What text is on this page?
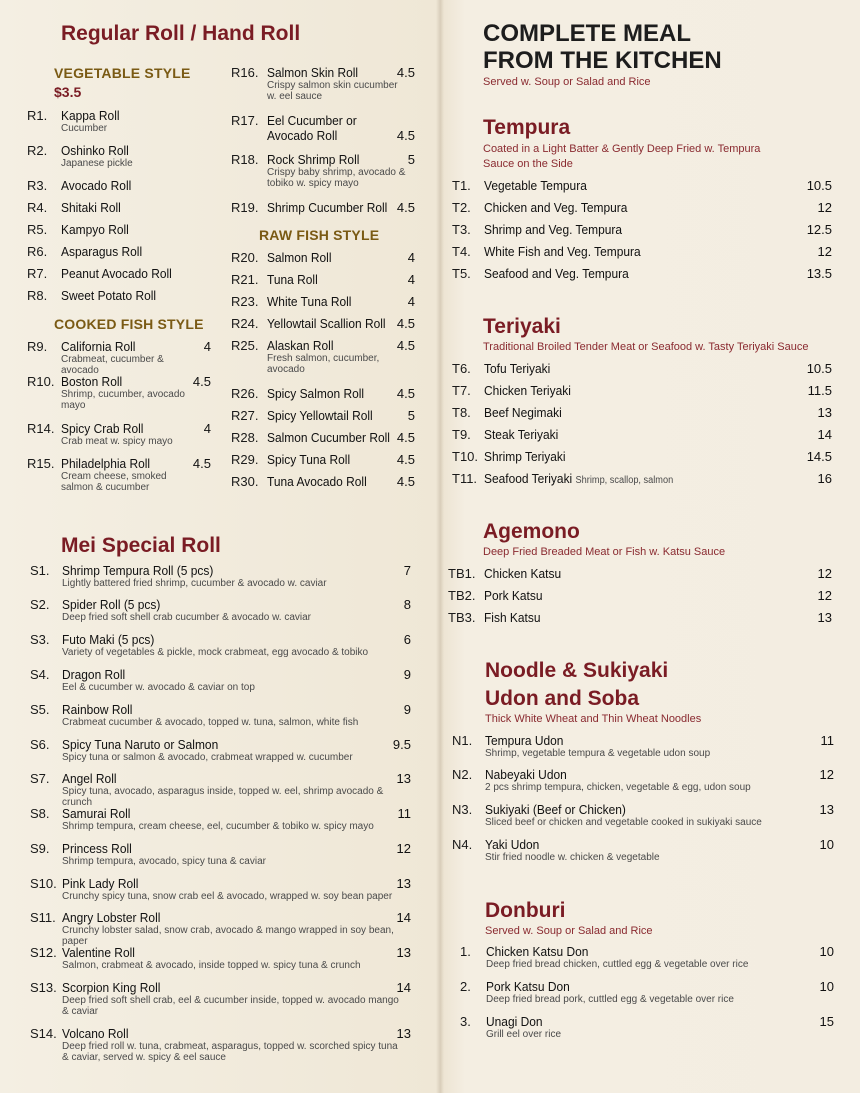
Regular Roll / Hand Roll
VEGETABLE STYLE
$3.5
COOKED FISH STYLE
RAW FISH STYLE
Mei Special Roll
COMPLETE MEAL
FROM THE KITCHEN
Served w. Soup or Salad and Rice
Tempura
Coated in a Light Batter & Gently Deep Fried w. Tempura
Sauce on the Side
Teriyaki
Traditional Broiled Tender Meat or Seafood w. Tasty Teriyaki Sauce
Agemono
Deep Fried Breaded Meat or Fish w. Katsu Sauce
Noodle & Sukiyaki
Udon and Soba
Thick White Wheat and Thin Wheat Noodles
Donburi
Served w. Soup or Salad and Rice
R1.	Kappa Roll
Cucumber
R2.	Oshinko Roll
Japanese pickle
R3.	Avocado Roll
R4.	Shitaki Roll
R5.	Kampyo Roll
R6.	Asparagus Roll
R7.	Peanut Avocado Roll
R8.	Sweet Potato Roll
R9.	California Roll	4
Crabmeat, cucumber & avocado
R10. Boston Roll	4.5
Shrimp, cucumber, avocado mayo
R14. Spicy Crab Roll	4
Crab meat w. spicy mayo
R15. Philadelphia Roll	4.5
Cream cheese, smoked salmon & cucumber
R16. Salmon Skin Roll	4.5
Crispy salmon skin cucumber w. eel sauce
R17. Eel Cucumber or
Avocado Roll	4.5
R18. Rock Shrimp Roll	5
Crispy baby shrimp, avocado & tobiko w. spicy mayo
R19. Shrimp Cucumber Roll 4.5
R20. Salmon Roll	4
R21. Tuna Roll	4
R23. White Tuna Roll	4
R24. Yellowtail Scallion Roll 4.5
R25. Alaskan Roll	4.5
Fresh salmon, cucumber, avocado
R26. Spicy Salmon Roll	4.5
R27. Spicy Yellowtail Roll	5
R28. Salmon Cucumber Roll 4.5
R29. Spicy Tuna Roll	4.5
R30. Tuna Avocado Roll	4.5
S1. Shrimp Tempura Roll (5 pcs)	7
Lightly battered fried shrimp, cucumber & avocado w. caviar
S2. Spider Roll (5 pcs)	8
Deep fried soft shell crab cucumber & avocado w. caviar
S3. Futo Maki (5 pcs)	6
Variety of vegetables & pickle, mock crabmeat, egg avocado & tobiko
S4. Dragon Roll	9
Eel & cucumber w. avocado & caviar on top
S5. Rainbow Roll	9
Crabmeat cucumber & avocado, topped w. tuna, salmon, white fish
S6. Spicy Tuna Naruto or Salmon	9.5
Spicy tuna or salmon & avocado, crabmeat wrapped w. cucumber
S7. Angel Roll	13
Spicy tuna, avocado, asparagus inside, topped w. eel, shrimp avocado & crunch
S8. Samurai Roll	11
Shrimp tempura, cream cheese, eel, cucumber & tobiko w. spicy mayo
S9. Princess Roll	12
Shrimp tempura, avocado, spicy tuna & caviar
S10. Pink Lady Roll	13
Crunchy spicy tuna, snow crab eel & avocado, wrapped w. soy bean paper
S11. Angry Lobster Roll	14
Crunchy lobster salad, snow crab, avocado & mango wrapped in soy bean, paper
S12. Valentine Roll	13
Salmon, crabmeat & avocado, inside topped w. spicy tuna & crunch
S13. Scorpion King Roll	14
Deep fried soft shell crab, eel & cucumber inside, topped w. avocado mango & caviar
S14. Volcano Roll	13
Deep fried roll w. tuna, crabmeat, asparagus, topped w. scorched spicy tuna & caviar, served w. spicy & eel sauce
T1.	Vegetable Tempura	10.5
T2.	Chicken and Veg. Tempura	12
T3.	Shrimp and Veg. Tempura	12.5
T4.	White Fish and Veg. Tempura	12
T5.	Seafood and Veg. Tempura	13.5
T6.	Tofu Teriyaki	10.5
T7.	Chicken Teriyaki	11.5
T8.	Beef Negimaki	13
T9.	Steak Teriyaki	14
T10. Shrimp Teriyaki	14.5
T11. Seafood Teriyaki Shrimp, scallop, salmon	16
TB1. Chicken Katsu	12
TB2. Pork Katsu	12
TB3. Fish Katsu	13
N1. Tempura Udon	11
Shrimp, vegetable tempura & vegetable udon soup
N2. Nabeyaki Udon	12
2 pcs shrimp tempura, chicken, vegetable & egg, udon soup
N3. Sukiyaki (Beef or Chicken)	13
Sliced beef or chicken and vegetable cooked in sukiyaki sauce
N4. Yaki Udon	10
Stir fried noodle w. chicken & vegetable
1.	Chicken Katsu Don	10
Deep fried bread chicken, cuttled egg & vegetable over rice
2.	Pork Katsu Don	10
Deep fried bread pork, cuttled egg & vegetable over rice
3.	Unagi Don	15
Grill eel over rice
